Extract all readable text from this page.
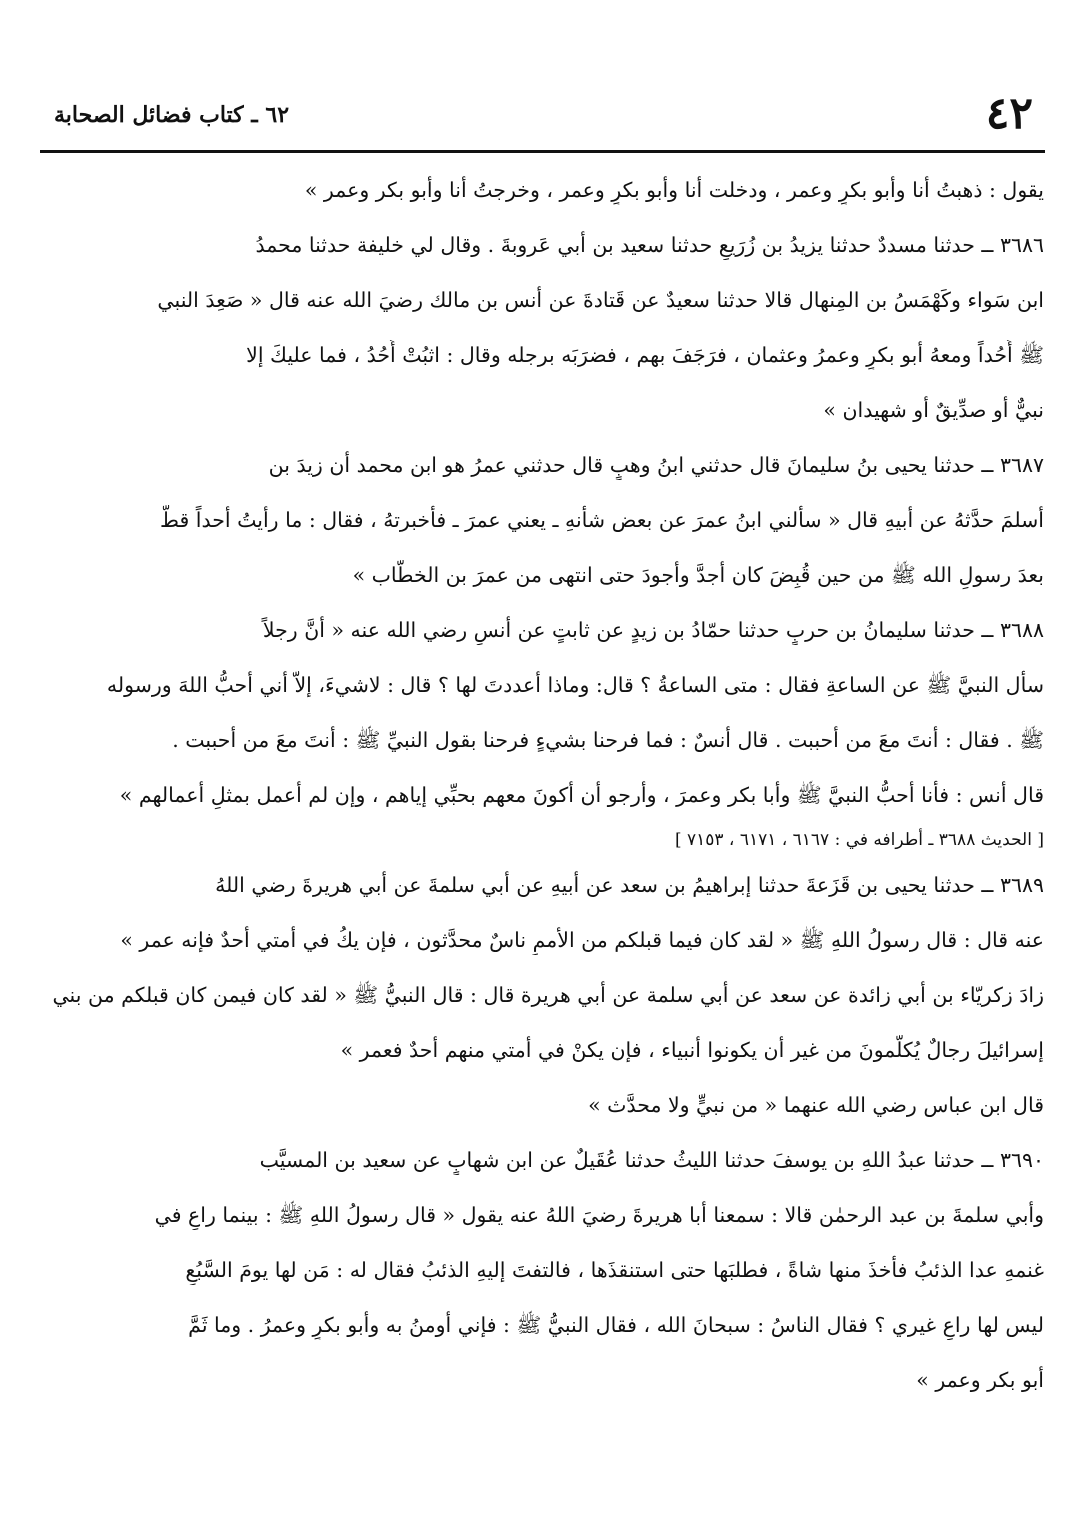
٤٢
٦٢ ـ كتاب فضائل الصحابة
يقول : ذهبتُ أنا وأبو بكرٍ وعمر ، ودخلت أنا وأبو بكرٍ وعمر ، وخرجتُ أنا وأبو بكر وعمر »
٣٦٨٦ ــ حدثنا مسددٌ حدثنا يزيدُ بن زُرَيعٍ حدثنا سعيد بن أبي عَروبةَ . وقال لي خليفة حدثنا محمدُ
ابن سَواء وكَهْمَسُ بن المِنهال قالا حدثنا سعيدٌ عن قَتادةَ عن أنس بن مالك رضيَ الله عنه قال « صَعِدَ النبي
ﷺ أُحُداً ومعهُ أبو بكرٍ وعمرُ وعثمان ، فرَجَفَ بهم ، فضرَبَه برجله وقال : اثبُتْ أُحُدُ ، فما عليكَ إلا
نبيٌّ أو صدِّيقٌ أو شهيدان »
٣٦٨٧ ــ حدثنا يحيى بنُ سليمانَ قال حدثني ابنُ وهبٍ قال حدثني عمرُ هو ابن محمد أن زيدَ بن
أسلمَ حدَّثهُ عن أبيهِ قال « سألني ابنُ عمرَ عن بعض شأنهِ ـ يعني عمرَ ـ فأخبرتهُ ، فقال : ما رأيتُ أحداً قطُّ
بعدَ رسولِ الله ﷺ من حين قُبِضَ كان أجدَّ وأجودَ حتى انتهى من عمرَ بن الخطّاب »
٣٦٨٨ ــ حدثنا سليمانُ بن حربٍ حدثنا حمّادُ بن زيدٍ عن ثابتٍ عن أنسٍ رضي الله عنه « أنَّ رجلاً
سأل النبيَّ ﷺ عن الساعةِ فقال : متى الساعةُ ؟ قال: وماذا أعددتَ لها ؟ قال : لاشيءَ، إلاّ أني أحبُّ اللهَ ورسوله
ﷺ . فقال : أنتَ معَ من أحببت . قال أنسٌ : فما فرحنا بشيءٍ فرحنا بقول النبيِّ ﷺ : أنتَ معَ من أحببت .
قال أنس : فأنا أحبُّ النبيَّ ﷺ وأبا بكر وعمرَ ، وأرجو أن أكونَ معهم بحبِّي إياهم ، وإن لم أعمل بمثلِ أعمالهم »
[ الحديث ٣٦٨٨ ـ أطرافه في : ٦١٦٧ ، ٦١٧١ ، ٧١٥٣ ]
٣٦٨٩ ــ حدثنا يحيى بن قَزَعةَ حدثنا إبراهيمُ بن سعد عن أبيهِ عن أبي سلمةَ عن أبي هريرةَ رضي اللهُ
عنه قال : قال رسولُ اللهِ ﷺ « لقد كان فيما قبلكم من الأممِ ناسٌ محدَّثون ، فإن يكُ في أمتي أحدٌ فإنه عمر »
زادَ زكريّاء بن أبي زائدة عن سعد عن أبي سلمة عن أبي هريرة قال : قال النبيُّ ﷺ « لقد كان فيمن كان قبلكم من بني
إسرائيلَ رجالٌ يُكلَّمونَ من غير أن يكونوا أنبياء ، فإن يكنْ في أمتي منهم أحدٌ فعمر »
قال ابن عباس رضي الله عنهما « من نبيٍّ ولا محدَّث »
٣٦٩٠ ــ حدثنا عبدُ اللهِ بن يوسفَ حدثنا الليثُ حدثنا عُقَيلٌ عن ابن شهابٍ عن سعيد بن المسيَّب
وأبي سلمةَ بن عبد الرحمٰن قالا : سمعنا أبا هريرةَ رضيَ اللهُ عنه يقول « قال رسولُ اللهِ ﷺ : بينما راعٍ في
غنمهِ عدا الذئبُ فأخذَ منها شاةً ، فطلبَها حتى استنقذَها ، فالتفتَ إليهِ الذئبُ فقال له : مَن لها يومَ السَّبُعِ
ليس لها راعٍ غيري ؟ فقال الناسُ : سبحانَ الله ، فقال النبيُّ ﷺ : فإني أومنُ به وأبو بكرٍ وعمرُ . وما ثَمَّ
أبو بكر وعمر »
